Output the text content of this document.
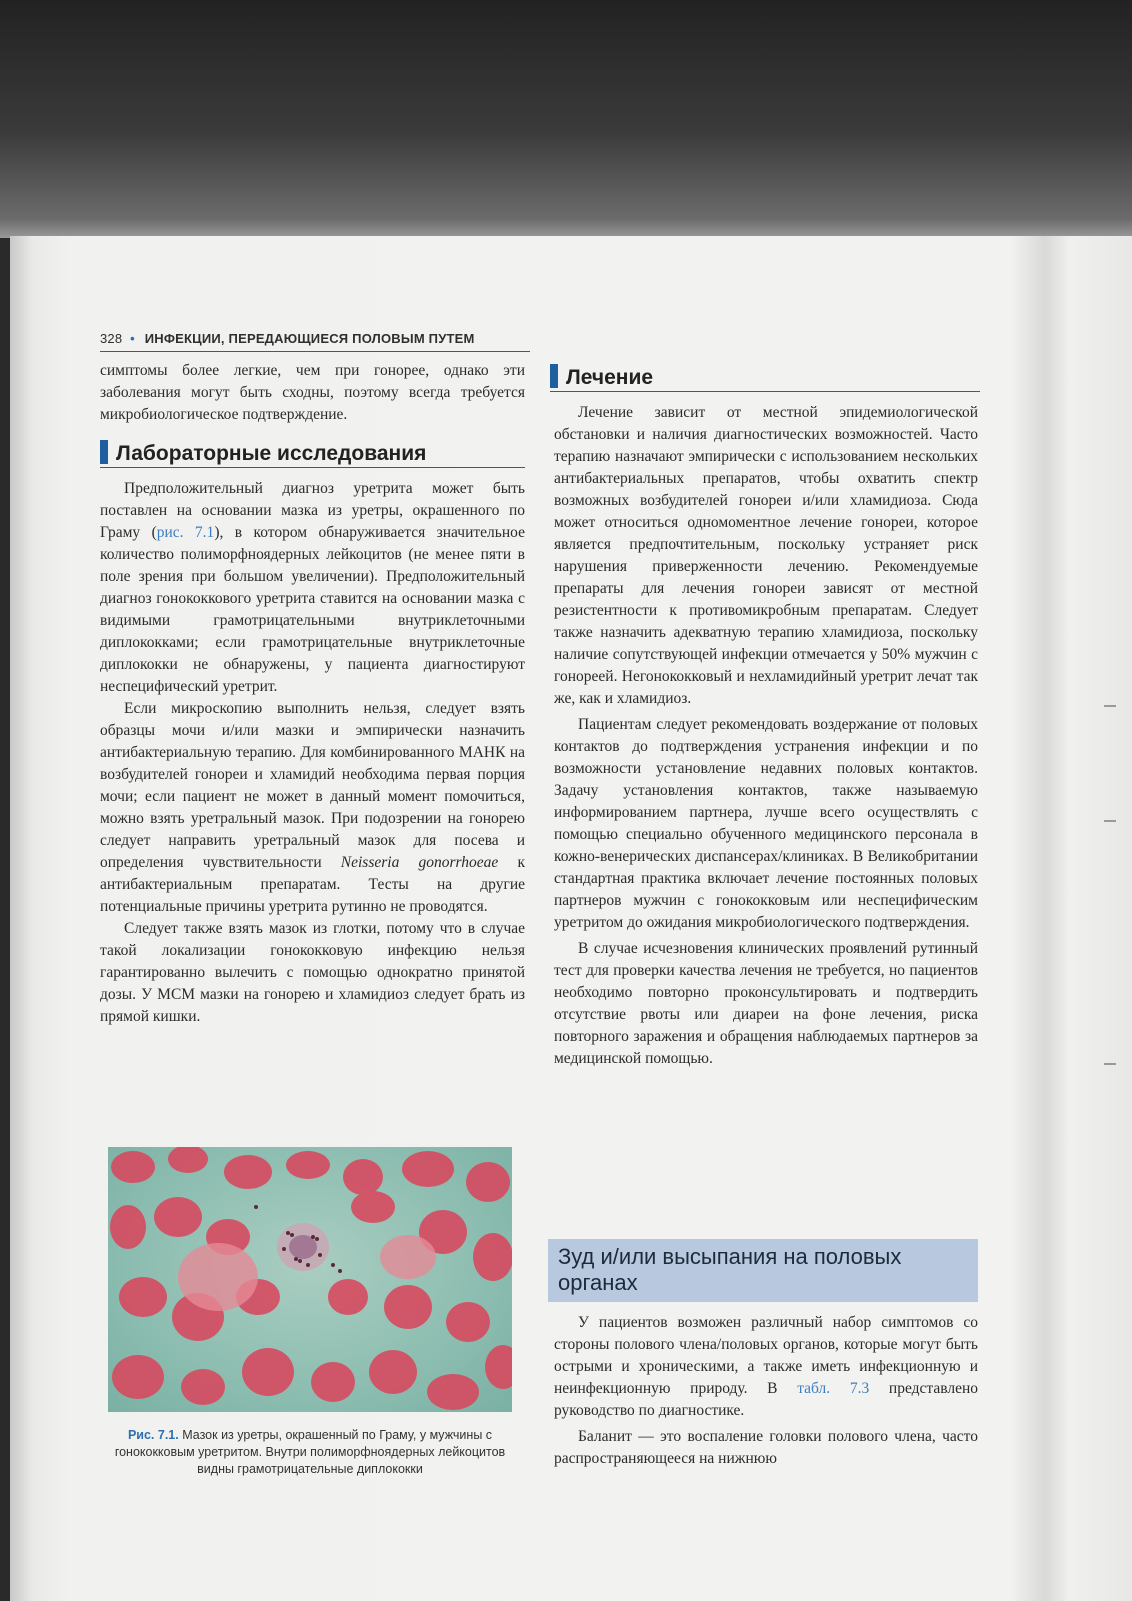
328 • ИНФЕКЦИИ, ПЕРЕДАЮЩИЕСЯ ПОЛОВЫМ ПУТЕМ

симптомы более легкие, чем при гонорее, однако эти заболевания могут быть сходны, поэтому всегда требуется микробиологическое подтверждение.

Лабораторные исследования

Предположительный диагноз уретрита может быть поставлен на основании мазка из уретры, окрашенного по Граму (рис. 7.1), в котором обнаруживается значительное количество полиморфноядерных лейкоцитов (не менее пяти в поле зрения при большом увеличении). Предположительный диагноз гонококкового уретрита ставится на основании мазка с видимыми грамотрицательными внутриклеточными диплококками; если грамотрицательные внутриклеточные диплококки не обнаружены, у пациента диагностируют неспецифический уретрит.

Если микроскопию выполнить нельзя, следует взять образцы мочи и/или мазки и эмпирически назначить антибактериальную терапию. Для комбинированного МАНК на возбудителей гонореи и хламидий необходима первая порция мочи; если пациент не может в данный момент помочиться, можно взять уретральный мазок. При подозрении на гонорею следует направить уретральный мазок для посева и определения чувствительности Neisseria gonorrhoeae к антибактериальным препаратам. Тесты на другие потенциальные причины уретрита рутинно не проводятся.

Следует также взять мазок из глотки, потому что в случае такой локализации гонококковую инфекцию нельзя гарантированно вылечить с помощью однократно принятой дозы. У МСМ мазки на гонорею и хламидиоз следует брать из прямой кишки.

Рис. 7.1. Мазок из уретры, окрашенный по Граму, у мужчины с гонококковым уретритом. Внутри полиморфноядерных лейкоцитов видны грамотрицательные диплококки
Лечение

Лечение зависит от местной эпидемиологической обстановки и наличия диагностических возможностей. Часто терапию назначают эмпирически с использованием нескольких антибактериальных препаратов, чтобы охватить спектр возможных возбудителей гонореи и/или хламидиоза. Сюда может относиться одномоментное лечение гонореи, которое является предпочтительным, поскольку устраняет риск нарушения приверженности лечению. Рекомендуемые препараты для лечения гонореи зависят от местной резистентности к противомикробным препаратам. Следует также назначить адекватную терапию хламидиоза, поскольку наличие сопутствующей инфекции отмечается у 50% мужчин с гонореей. Негонококковый и нехламидийный уретрит лечат так же, как и хламидиоз.

Пациентам следует рекомендовать воздержание от половых контактов до подтверждения устранения инфекции и по возможности установление недавних половых контактов. Задачу установления контактов, также называемую информированием партнера, лучше всего осуществлять с помощью специально обученного медицинского персонала в кожно-венерических диспансерах/клиниках. В Великобритании стандартная практика включает лечение постоянных половых партнеров мужчин с гонококковым или неспецифическим уретритом до ожидания микробиологического подтверждения.

В случае исчезновения клинических проявлений рутинный тест для проверки качества лечения не требуется, но пациентов необходимо повторно проконсультировать и подтвердить отсутствие рвоты или диареи на фоне лечения, риска повторного заражения и обращения наблюдаемых партнеров за медицинской помощью.

Зуд и/или высыпания на половых органах

У пациентов возможен различный набор симптомов со стороны полового члена/половых органов, которые могут быть острыми и хроническими, а также иметь инфекционную и неинфекционную природу. В табл. 7.3 представлено руководство по диагностике.

Баланит — это воспаление головки полового члена, часто распространяющееся на нижнюю
